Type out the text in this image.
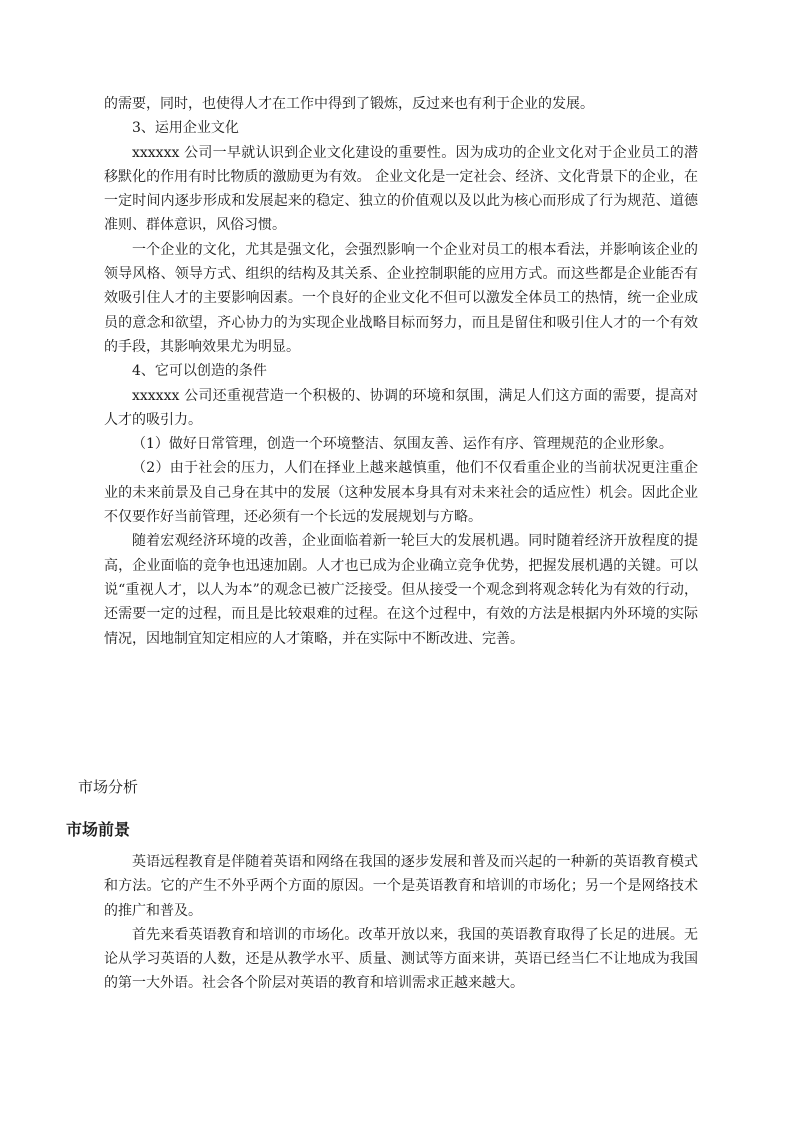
的需要，同时，也使得人才在工作中得到了锻炼，反过来也有利于企业的发展。

3、运用企业文化

xxxxxx 公司一早就认识到企业文化建设的重要性。因为成功的企业文化对于企业员工的潜移默化的作用有时比物质的激励更为有效。 企业文化是一定社会、经济、文化背景下的企业，在一定时间内逐步形成和发展起来的稳定、独立的价值观以及以此为核心而形成了行为规范、道德准则、群体意识，风俗习惯。

一个企业的文化，尤其是强文化，会强烈影响一个企业对员工的根本看法，并影响该企业的领导风格、领导方式、组织的结构及其关系、企业控制职能的应用方式。而这些都是企业能否有效吸引住人才的主要影响因素。一个良好的企业文化不但可以激发全体员工的热情，统一企业成员的意念和欲望，齐心协力的为实现企业战略目标而努力，而且是留住和吸引住人才的一个有效的手段，其影响效果尤为明显。

4、它可以创造的条件

xxxxxx 公司还重视营造一个积极的、协调的环境和氛围，满足人们这方面的需要，提高对人才的吸引力。

（1）做好日常管理，创造一个环境整洁、氛围友善、运作有序、管理规范的企业形象。

（2）由于社会的压力，人们在择业上越来越慎重，他们不仅看重企业的当前状况更注重企业的未来前景及自己身在其中的发展（这种发展本身具有对未来社会的适应性）机会。因此企业不仅要作好当前管理，还必须有一个长远的发展规划与方略。

随着宏观经济环境的改善，企业面临着新一轮巨大的发展机遇。同时随着经济开放程度的提高，企业面临的竞争也迅速加剧。人才也已成为企业确立竞争优势，把握发展机遇的关键。可以说“重视人才，以人为本”的观念已被广泛接受。但从接受一个观念到将观念转化为有效的行动，还需要一定的过程，而且是比较艰难的过程。在这个过程中，有效的方法是根据内外环境的实际情况，因地制宜知定相应的人才策略，并在实际中不断改进、完善。

市场分析
市场前景

英语远程教育是伴随着英语和网络在我国的逐步发展和普及而兴起的一种新的英语教育模式和方法。它的产生不外乎两个方面的原因。一个是英语教育和培训的市场化；另一个是网络技术的推广和普及。

首先来看英语教育和培训的市场化。改革开放以来，我国的英语教育取得了长足的进展。无论从学习英语的人数，还是从教学水平、质量、测试等方面来讲，英语已经当仁不让地成为我国的第一大外语。社会各个阶层对英语的教育和培训需求正越来越大。
